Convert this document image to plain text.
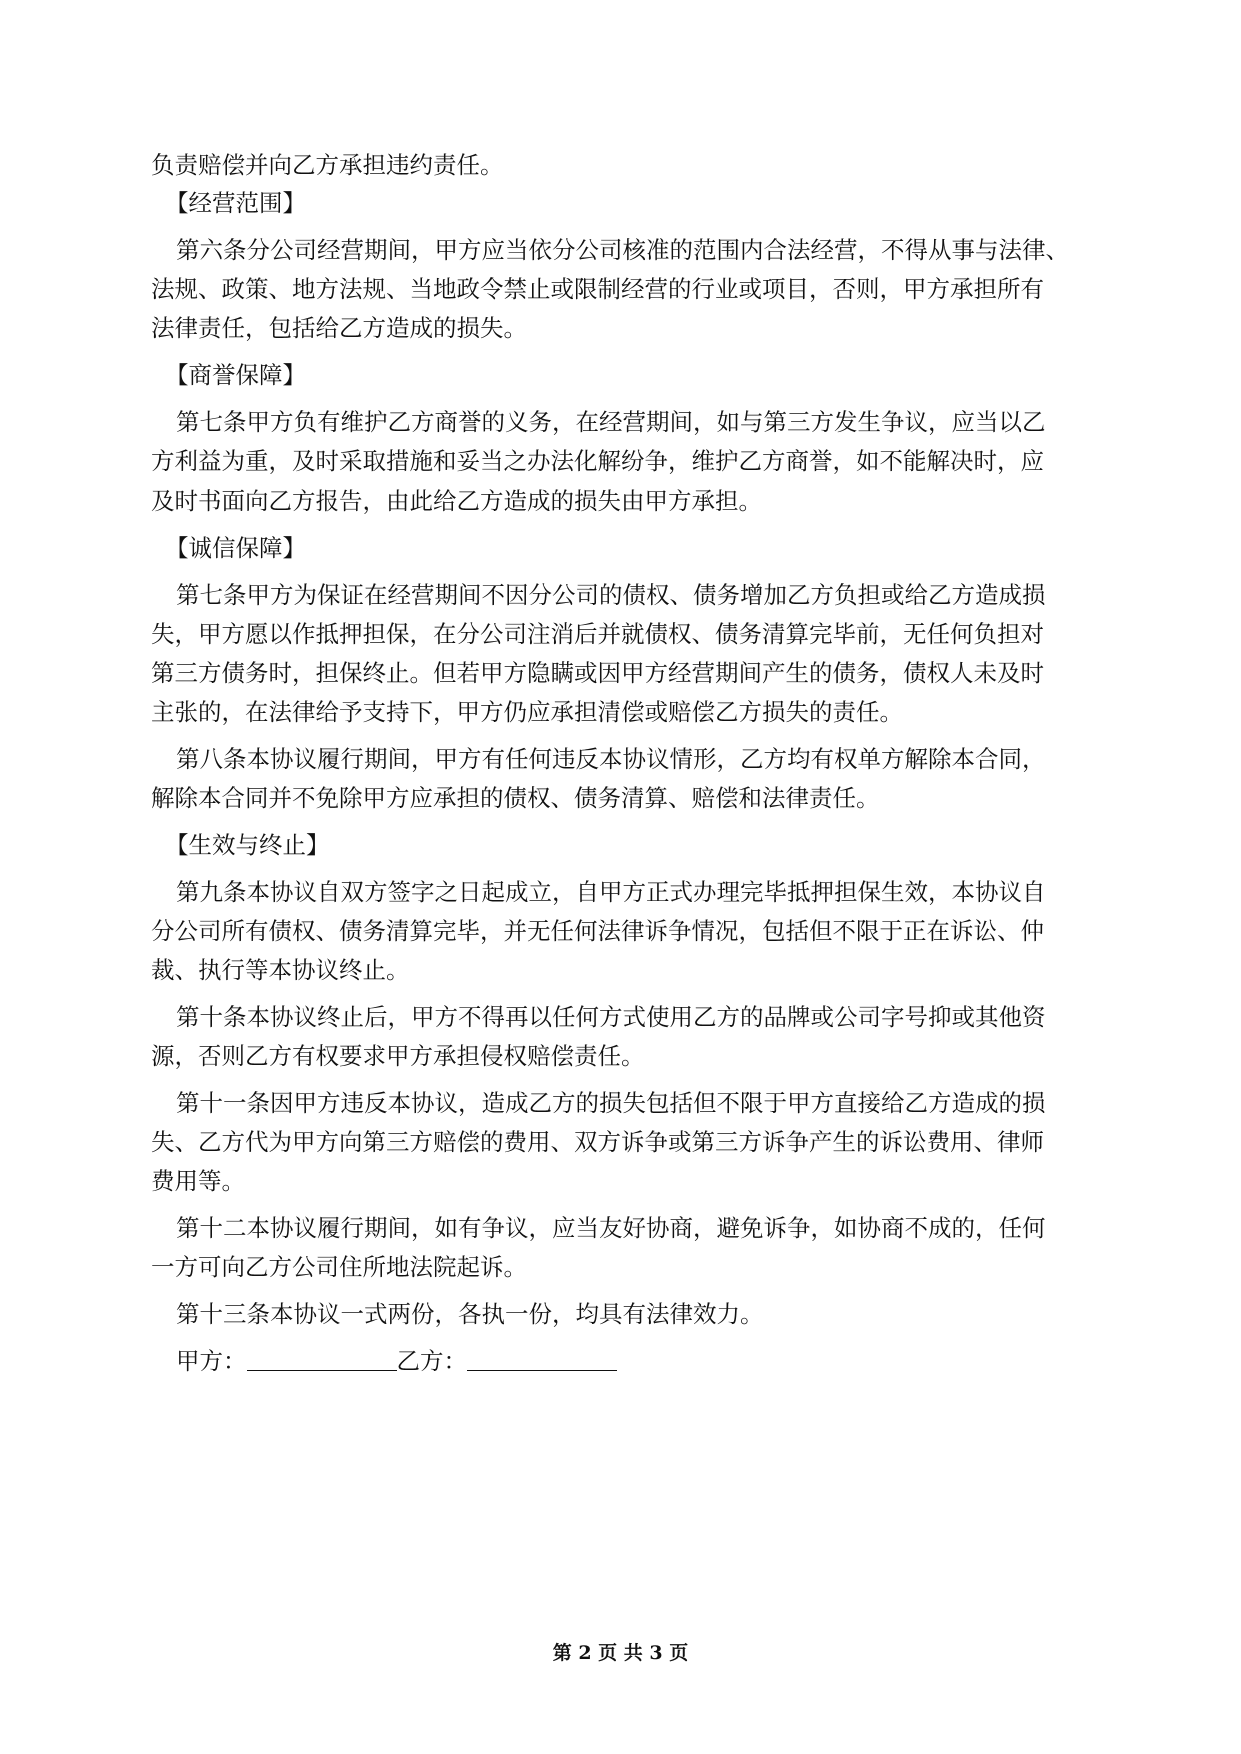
负责赔偿并向乙方承担违约责任。
【经营范围】
第六条分公司经营期间，甲方应当依分公司核准的范围内合法经营，不得从事与法律、
法规、政策、地方法规、当地政令禁止或限制经营的行业或项目，否则，甲方承担所有
法律责任，包括给乙方造成的损失。
【商誉保障】
第七条甲方负有维护乙方商誉的义务，在经营期间，如与第三方发生争议，应当以乙
方利益为重，及时采取措施和妥当之办法化解纷争，维护乙方商誉，如不能解决时，应
及时书面向乙方报告，由此给乙方造成的损失由甲方承担。
【诚信保障】
第七条甲方为保证在经营期间不因分公司的债权、债务增加乙方负担或给乙方造成损
失，甲方愿以作抵押担保，在分公司注消后并就债权、债务清算完毕前，无任何负担对
第三方债务时，担保终止。但若甲方隐瞒或因甲方经营期间产生的债务，债权人未及时
主张的，在法律给予支持下，甲方仍应承担清偿或赔偿乙方损失的责任。
第八条本协议履行期间，甲方有任何违反本协议情形，乙方均有权单方解除本合同，
解除本合同并不免除甲方应承担的债权、债务清算、赔偿和法律责任。
【生效与终止】
第九条本协议自双方签字之日起成立，自甲方正式办理完毕抵押担保生效，本协议自
分公司所有债权、债务清算完毕，并无任何法律诉争情况，包括但不限于正在诉讼、仲
裁、执行等本协议终止。
第十条本协议终止后，甲方不得再以任何方式使用乙方的品牌或公司字号抑或其他资
源，否则乙方有权要求甲方承担侵权赔偿责任。
第十一条因甲方违反本协议，造成乙方的损失包括但不限于甲方直接给乙方造成的损
失、乙方代为甲方向第三方赔偿的费用、双方诉争或第三方诉争产生的诉讼费用、律师
费用等。
第十二本协议履行期间，如有争议，应当友好协商，避免诉争，如协商不成的，任何
一方可向乙方公司住所地法院起诉。
第十三条本协议一式两份，各执一份，均具有法律效力。
甲方：	乙方：
第 2 页 共 3 页
